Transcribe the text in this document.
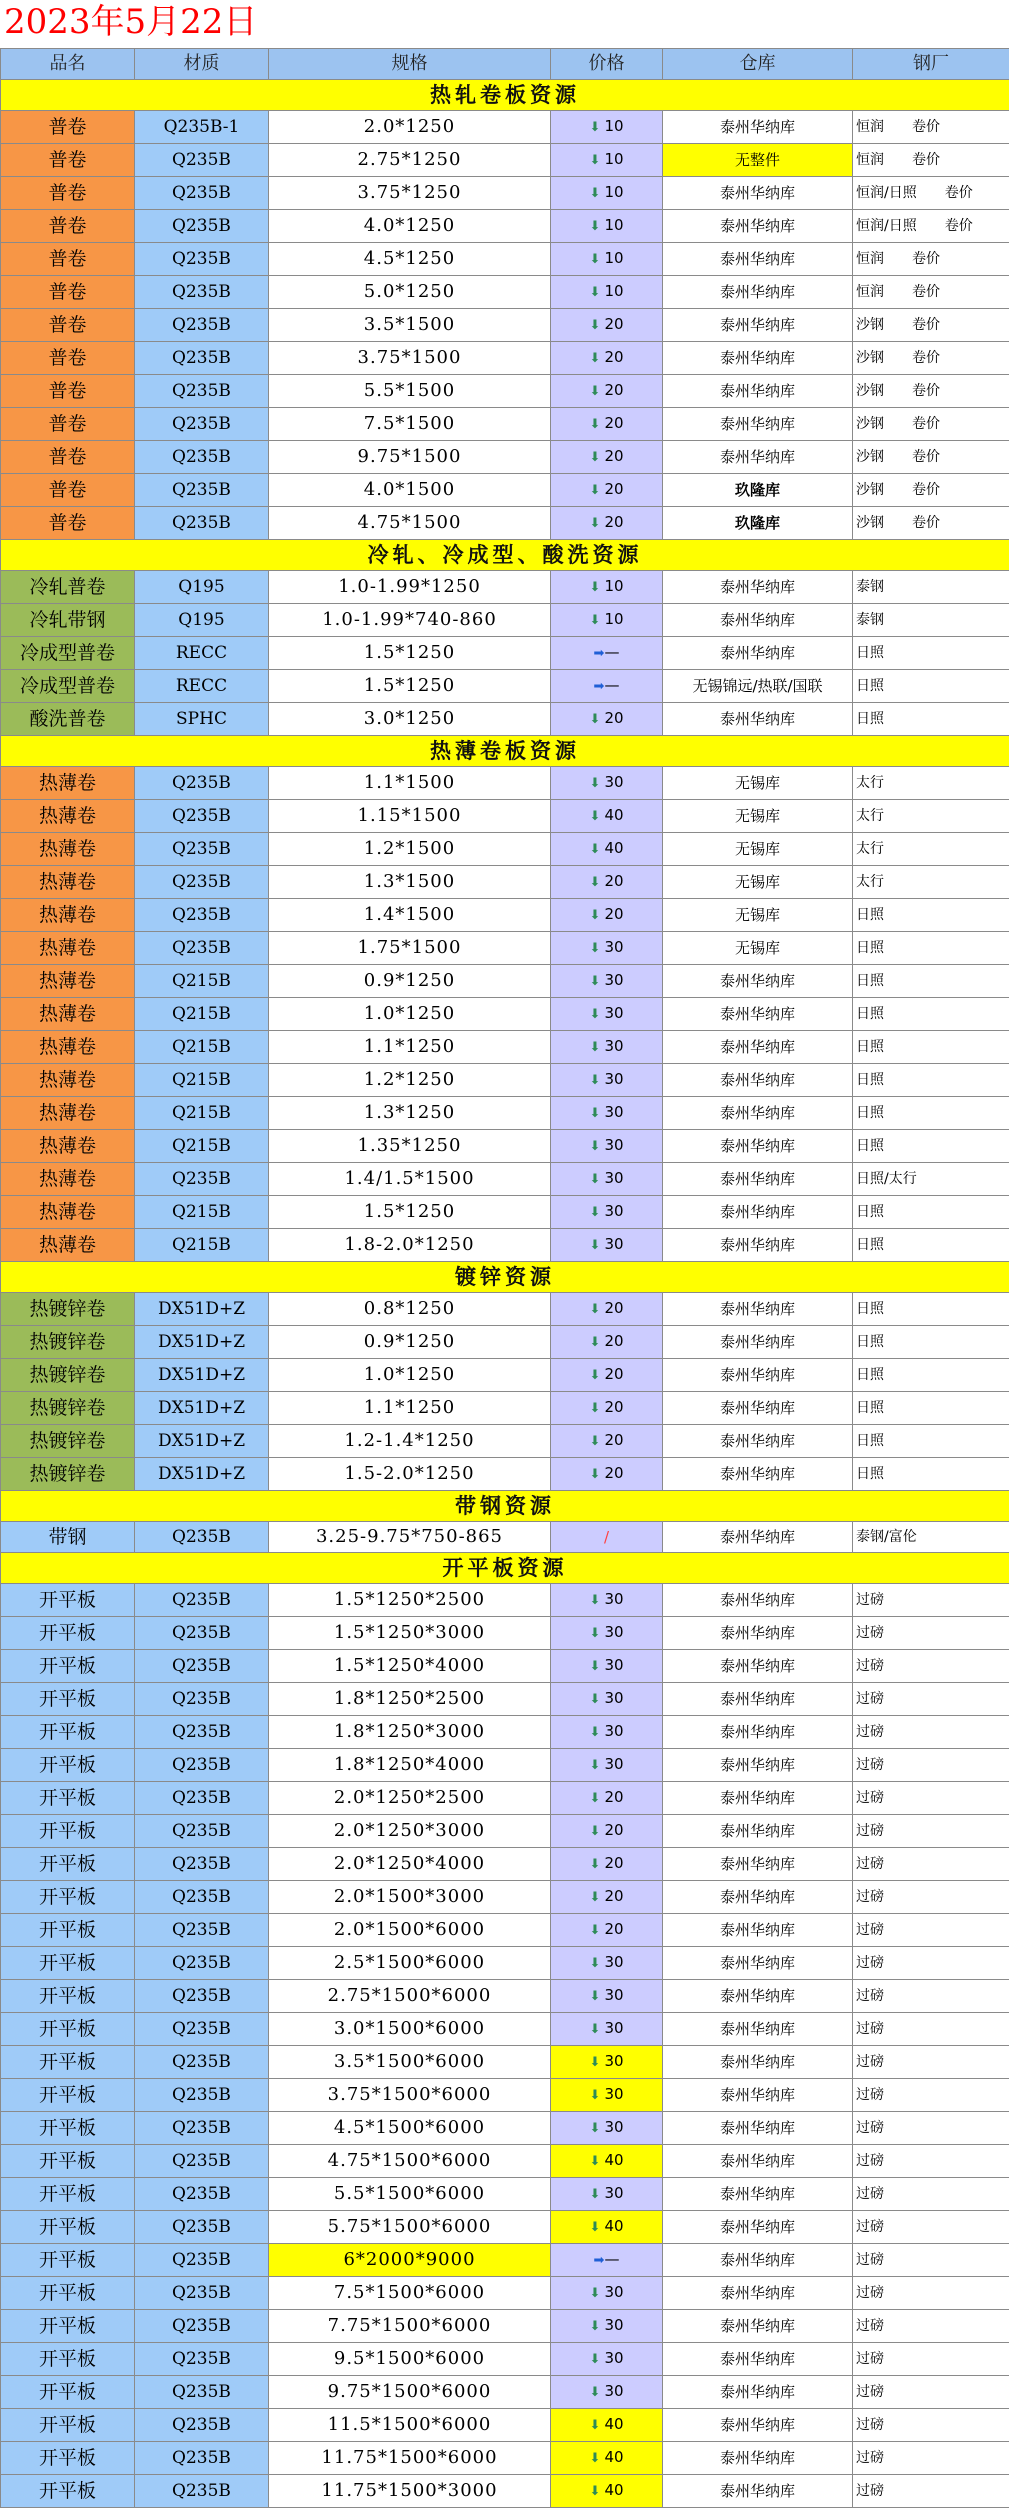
2023年5月22日
品名	材质	规格	价格	仓库	钢厂
热轧卷板资源					
普卷	Q235B-1	2.0*1250	⬇ 10	泰州华纳库	恒润　　卷价
普卷	Q235B	2.75*1250	⬇ 10	无整件	恒润　　卷价
普卷	Q235B	3.75*1250	⬇ 10	泰州华纳库	恒润/日照　　卷价
普卷	Q235B	4.0*1250	⬇ 10	泰州华纳库	恒润/日照　　卷价
普卷	Q235B	4.5*1250	⬇ 10	泰州华纳库	恒润　　卷价
普卷	Q235B	5.0*1250	⬇ 10	泰州华纳库	恒润　　卷价
普卷	Q235B	3.5*1500	⬇ 20	泰州华纳库	沙钢　　卷价
普卷	Q235B	3.75*1500	⬇ 20	泰州华纳库	沙钢　　卷价
普卷	Q235B	5.5*1500	⬇ 20	泰州华纳库	沙钢　　卷价
普卷	Q235B	7.5*1500	⬇ 20	泰州华纳库	沙钢　　卷价
普卷	Q235B	9.75*1500	⬇ 20	泰州华纳库	沙钢　　卷价
普卷	Q235B	4.0*1500	⬇ 20	玖隆库	沙钢　　卷价
普卷	Q235B	4.75*1500	⬇ 20	玖隆库	沙钢　　卷价
冷轧、冷成型、酸洗资源					
冷轧普卷	Q195	1.0-1.99*1250	⬇ 10	泰州华纳库	泰钢
冷轧带钢	Q195	1.0-1.99*740-860	⬇ 10	泰州华纳库	泰钢
冷成型普卷	RECC	1.5*1250	➡—	泰州华纳库	日照
冷成型普卷	RECC	1.5*1250	➡—	无锡锦远/热联/国联	日照
酸洗普卷	SPHC	3.0*1250	⬇ 20	泰州华纳库	日照
热薄卷板资源					
热薄卷	Q235B	1.1*1500	⬇ 30	无锡库	太行
热薄卷	Q235B	1.15*1500	⬇ 40	无锡库	太行
热薄卷	Q235B	1.2*1500	⬇ 40	无锡库	太行
热薄卷	Q235B	1.3*1500	⬇ 20	无锡库	太行
热薄卷	Q235B	1.4*1500	⬇ 20	无锡库	日照
热薄卷	Q235B	1.75*1500	⬇ 30	无锡库	日照
热薄卷	Q215B	0.9*1250	⬇ 30	泰州华纳库	日照
热薄卷	Q215B	1.0*1250	⬇ 30	泰州华纳库	日照
热薄卷	Q215B	1.1*1250	⬇ 30	泰州华纳库	日照
热薄卷	Q215B	1.2*1250	⬇ 30	泰州华纳库	日照
热薄卷	Q215B	1.3*1250	⬇ 30	泰州华纳库	日照
热薄卷	Q215B	1.35*1250	⬇ 30	泰州华纳库	日照
热薄卷	Q235B	1.4/1.5*1500	⬇ 30	泰州华纳库	日照/太行
热薄卷	Q215B	1.5*1250	⬇ 30	泰州华纳库	日照
热薄卷	Q215B	1.8-2.0*1250	⬇ 30	泰州华纳库	日照
镀锌资源					
热镀锌卷	DX51D+Z	0.8*1250	⬇ 20	泰州华纳库	日照
热镀锌卷	DX51D+Z	0.9*1250	⬇ 20	泰州华纳库	日照
热镀锌卷	DX51D+Z	1.0*1250	⬇ 20	泰州华纳库	日照
热镀锌卷	DX51D+Z	1.1*1250	⬇ 20	泰州华纳库	日照
热镀锌卷	DX51D+Z	1.2-1.4*1250	⬇ 20	泰州华纳库	日照
热镀锌卷	DX51D+Z	1.5-2.0*1250	⬇ 20	泰州华纳库	日照
带钢资源					
带钢	Q235B	3.25-9.75*750-865	/	泰州华纳库	泰钢/富伦
开平板资源					
开平板	Q235B	1.5*1250*2500	⬇ 30	泰州华纳库	过磅
开平板	Q235B	1.5*1250*3000	⬇ 30	泰州华纳库	过磅
开平板	Q235B	1.5*1250*4000	⬇ 30	泰州华纳库	过磅
开平板	Q235B	1.8*1250*2500	⬇ 30	泰州华纳库	过磅
开平板	Q235B	1.8*1250*3000	⬇ 30	泰州华纳库	过磅
开平板	Q235B	1.8*1250*4000	⬇ 30	泰州华纳库	过磅
开平板	Q235B	2.0*1250*2500	⬇ 20	泰州华纳库	过磅
开平板	Q235B	2.0*1250*3000	⬇ 20	泰州华纳库	过磅
开平板	Q235B	2.0*1250*4000	⬇ 20	泰州华纳库	过磅
开平板	Q235B	2.0*1500*3000	⬇ 20	泰州华纳库	过磅
开平板	Q235B	2.0*1500*6000	⬇ 20	泰州华纳库	过磅
开平板	Q235B	2.5*1500*6000	⬇ 30	泰州华纳库	过磅
开平板	Q235B	2.75*1500*6000	⬇ 30	泰州华纳库	过磅
开平板	Q235B	3.0*1500*6000	⬇ 30	泰州华纳库	过磅
开平板	Q235B	3.5*1500*6000	⬇ 30	泰州华纳库	过磅
开平板	Q235B	3.75*1500*6000	⬇ 30	泰州华纳库	过磅
开平板	Q235B	4.5*1500*6000	⬇ 30	泰州华纳库	过磅
开平板	Q235B	4.75*1500*6000	⬇ 40	泰州华纳库	过磅
开平板	Q235B	5.5*1500*6000	⬇ 30	泰州华纳库	过磅
开平板	Q235B	5.75*1500*6000	⬇ 40	泰州华纳库	过磅
开平板	Q235B	6*2000*9000	➡—	泰州华纳库	过磅
开平板	Q235B	7.5*1500*6000	⬇ 30	泰州华纳库	过磅
开平板	Q235B	7.75*1500*6000	⬇ 30	泰州华纳库	过磅
开平板	Q235B	9.5*1500*6000	⬇ 30	泰州华纳库	过磅
开平板	Q235B	9.75*1500*6000	⬇ 30	泰州华纳库	过磅
开平板	Q235B	11.5*1500*6000	⬇ 40	泰州华纳库	过磅
开平板	Q235B	11.75*1500*6000	⬇ 40	泰州华纳库	过磅
开平板	Q235B	11.75*1500*3000	⬇ 40	泰州华纳库	过磅
